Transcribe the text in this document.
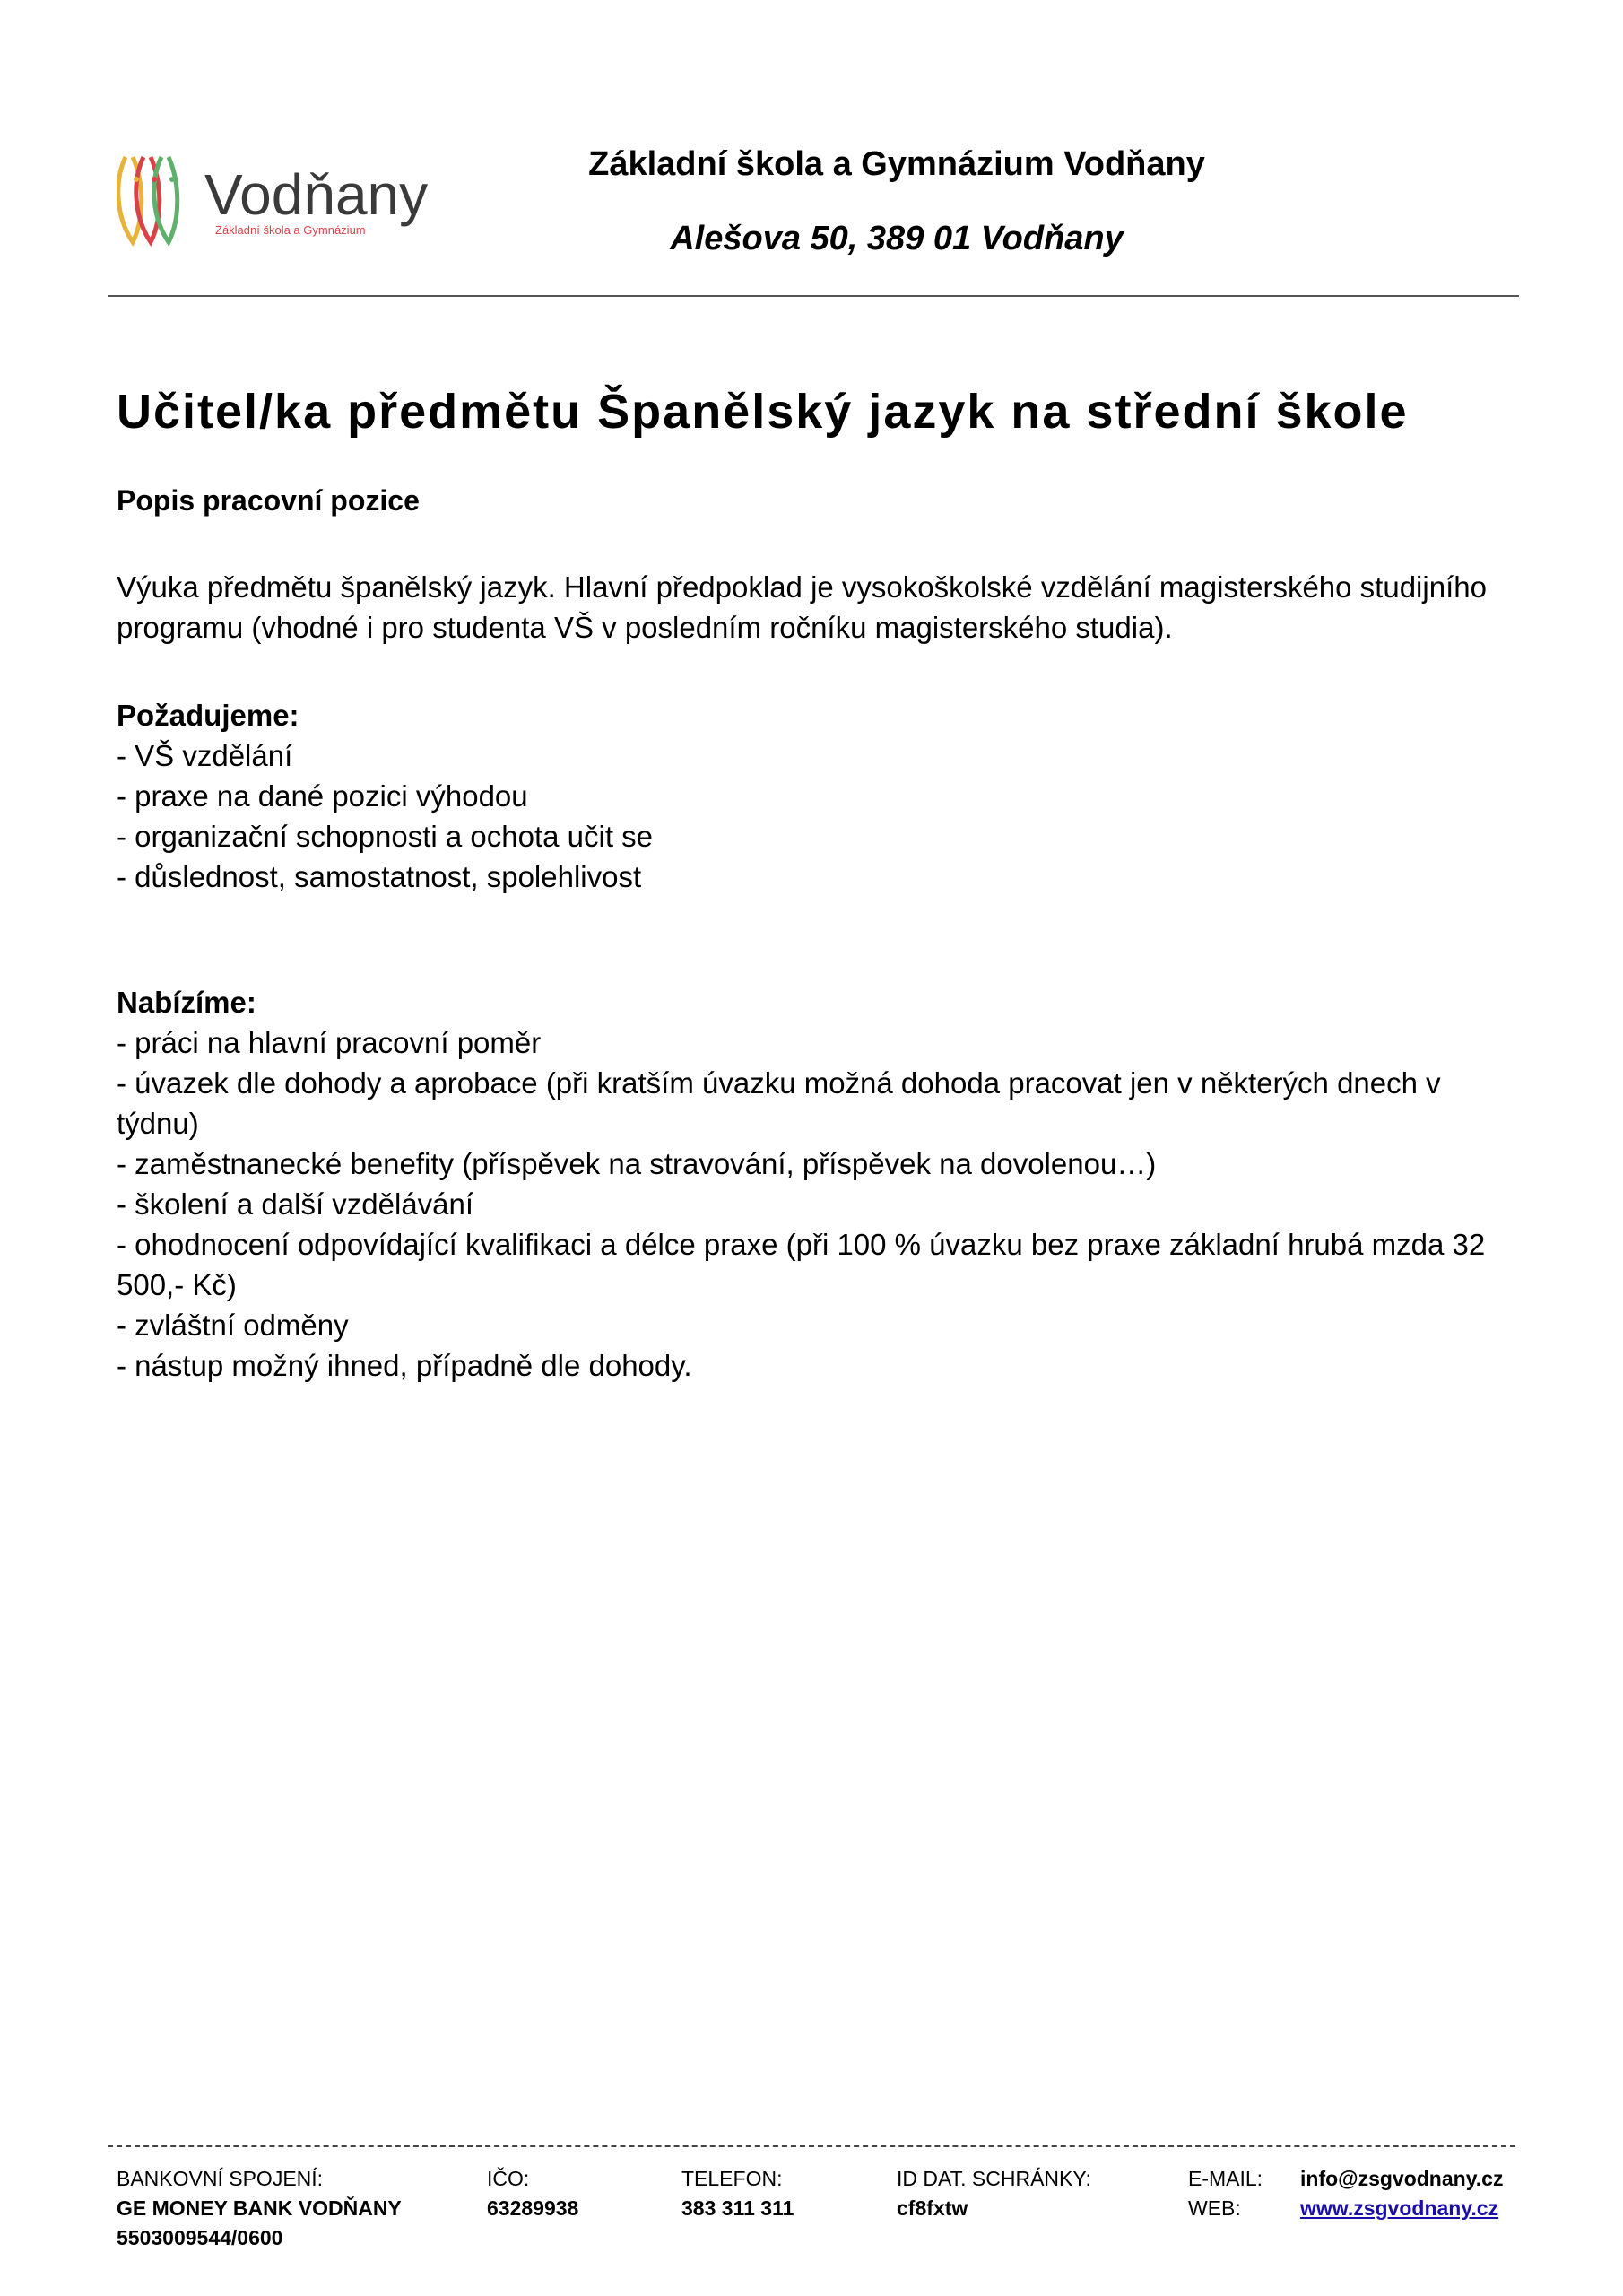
Vodňany
Základní škola a Gymnázium
Základní škola a Gymnázium Vodňany
Alešova 50, 389 01 Vodňany
Učitel/ka předmětu Španělský jazyk na střední škole
Popis pracovní pozice
Výuka předmětu španělský jazyk. Hlavní předpoklad je vysokoškolské vzdělání magisterského studijního programu (vhodné i pro studenta VŠ v posledním ročníku magisterského studia).
Požadujeme:
- VŠ vzdělání
- praxe na dané pozici výhodou
- organizační schopnosti a ochota učit se
- důslednost, samostatnost, spolehlivost
Nabízíme:
- práci na hlavní pracovní poměr
- úvazek dle dohody a aprobace (při kratším úvazku možná dohoda pracovat jen v některých dnech v týdnu)
- zaměstnanecké benefity (příspěvek na stravování, příspěvek na dovolenou…)
- školení a další vzdělávání
- ohodnocení odpovídající kvalifikaci a délce praxe (při 100 % úvazku bez praxe základní hrubá mzda 32 500,- Kč)
- zvláštní odměny
- nástup možný ihned, případně dle dohody.
BANKOVNÍ SPOJENÍ:
GE MONEY BANK VODŇANY
5503009544/0600
IČO:
63289938
TELEFON:
383 311 311
ID DAT. SCHRÁNKY:
cf8fxtw
E-MAIL: info@zsgvodnany.cz
WEB:	www.zsgvodnany.cz
